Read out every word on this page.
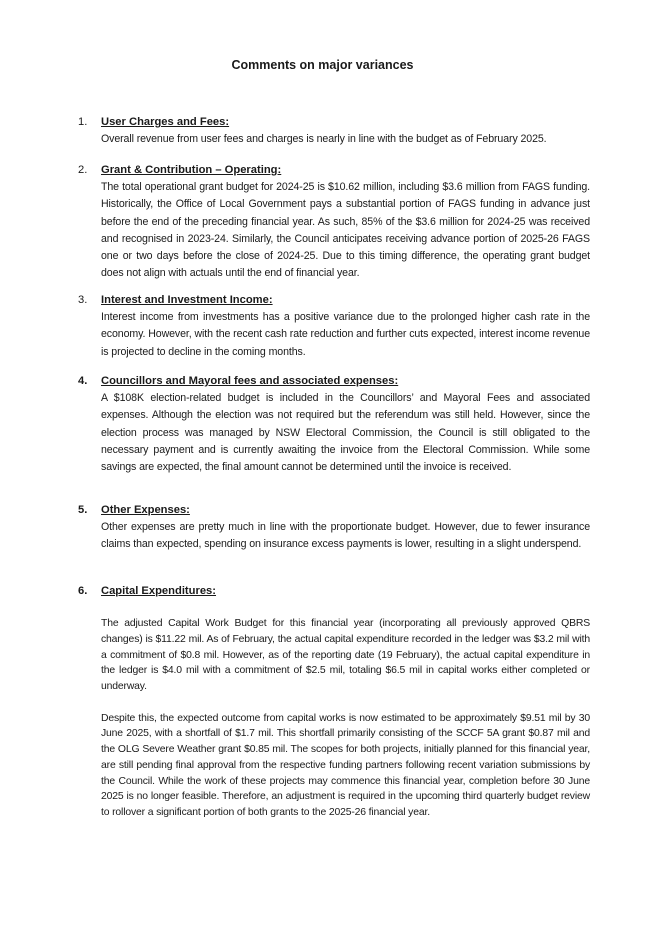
Comments on major variances
1. User Charges and Fees:
Overall revenue from user fees and charges is nearly in line with the budget as of February 2025.
2. Grant & Contribution – Operating:
The total operational grant budget for 2024-25 is $10.62 million, including $3.6 million from FAGS funding. Historically, the Office of Local Government pays a substantial portion of FAGS funding in advance just before the end of the preceding financial year. As such, 85% of the $3.6 million for 2024-25 was received and recognised in 2023-24. Similarly, the Council anticipates receiving advance portion of 2025-26 FAGS one or two days before the close of 2024-25. Due to this timing difference, the operating grant budget does not align with actuals until the end of financial year.
3. Interest and Investment Income:
Interest income from investments has a positive variance due to the prolonged higher cash rate in the economy. However, with the recent cash rate reduction and further cuts expected, interest income revenue is projected to decline in the coming months.
4. Councillors and Mayoral fees and associated expenses:
A $108K election-related budget is included in the Councillors’ and Mayoral Fees and associated expenses. Although the election was not required but the referendum was still held. However, since the election process was managed by NSW Electoral Commission, the Council is still obligated to the necessary payment and is currently awaiting the invoice from the Electoral Commission. While some savings are expected, the final amount cannot be determined until the invoice is received.
5. Other Expenses:
Other expenses are pretty much in line with the proportionate budget. However, due to fewer insurance claims than expected, spending on insurance excess payments is lower, resulting in a slight underspend.
6. Capital Expenditures:
The adjusted Capital Work Budget for this financial year (incorporating all previously approved QBRS changes) is $11.22 mil. As of February, the actual capital expenditure recorded in the ledger was $3.2 mil with a commitment of $0.8 mil. However, as of the reporting date (19 February), the actual capital expenditure in the ledger is $4.0 mil with a commitment of $2.5 mil, totaling $6.5 mil in capital works either completed or underway.
Despite this, the expected outcome from capital works is now estimated to be approximately $9.51 mil by 30 June 2025, with a shortfall of $1.7 mil. This shortfall primarily consisting of the SCCF 5A grant $0.87 mil and the OLG Severe Weather grant $0.85 mil. The scopes for both projects, initially planned for this financial year, are still pending final approval from the respective funding partners following recent variation submissions by the Council. While the work of these projects may commence this financial year, completion before 30 June 2025 is no longer feasible. Therefore, an adjustment is required in the upcoming third quarterly budget review to rollover a significant portion of both grants to the 2025-26 financial year.
